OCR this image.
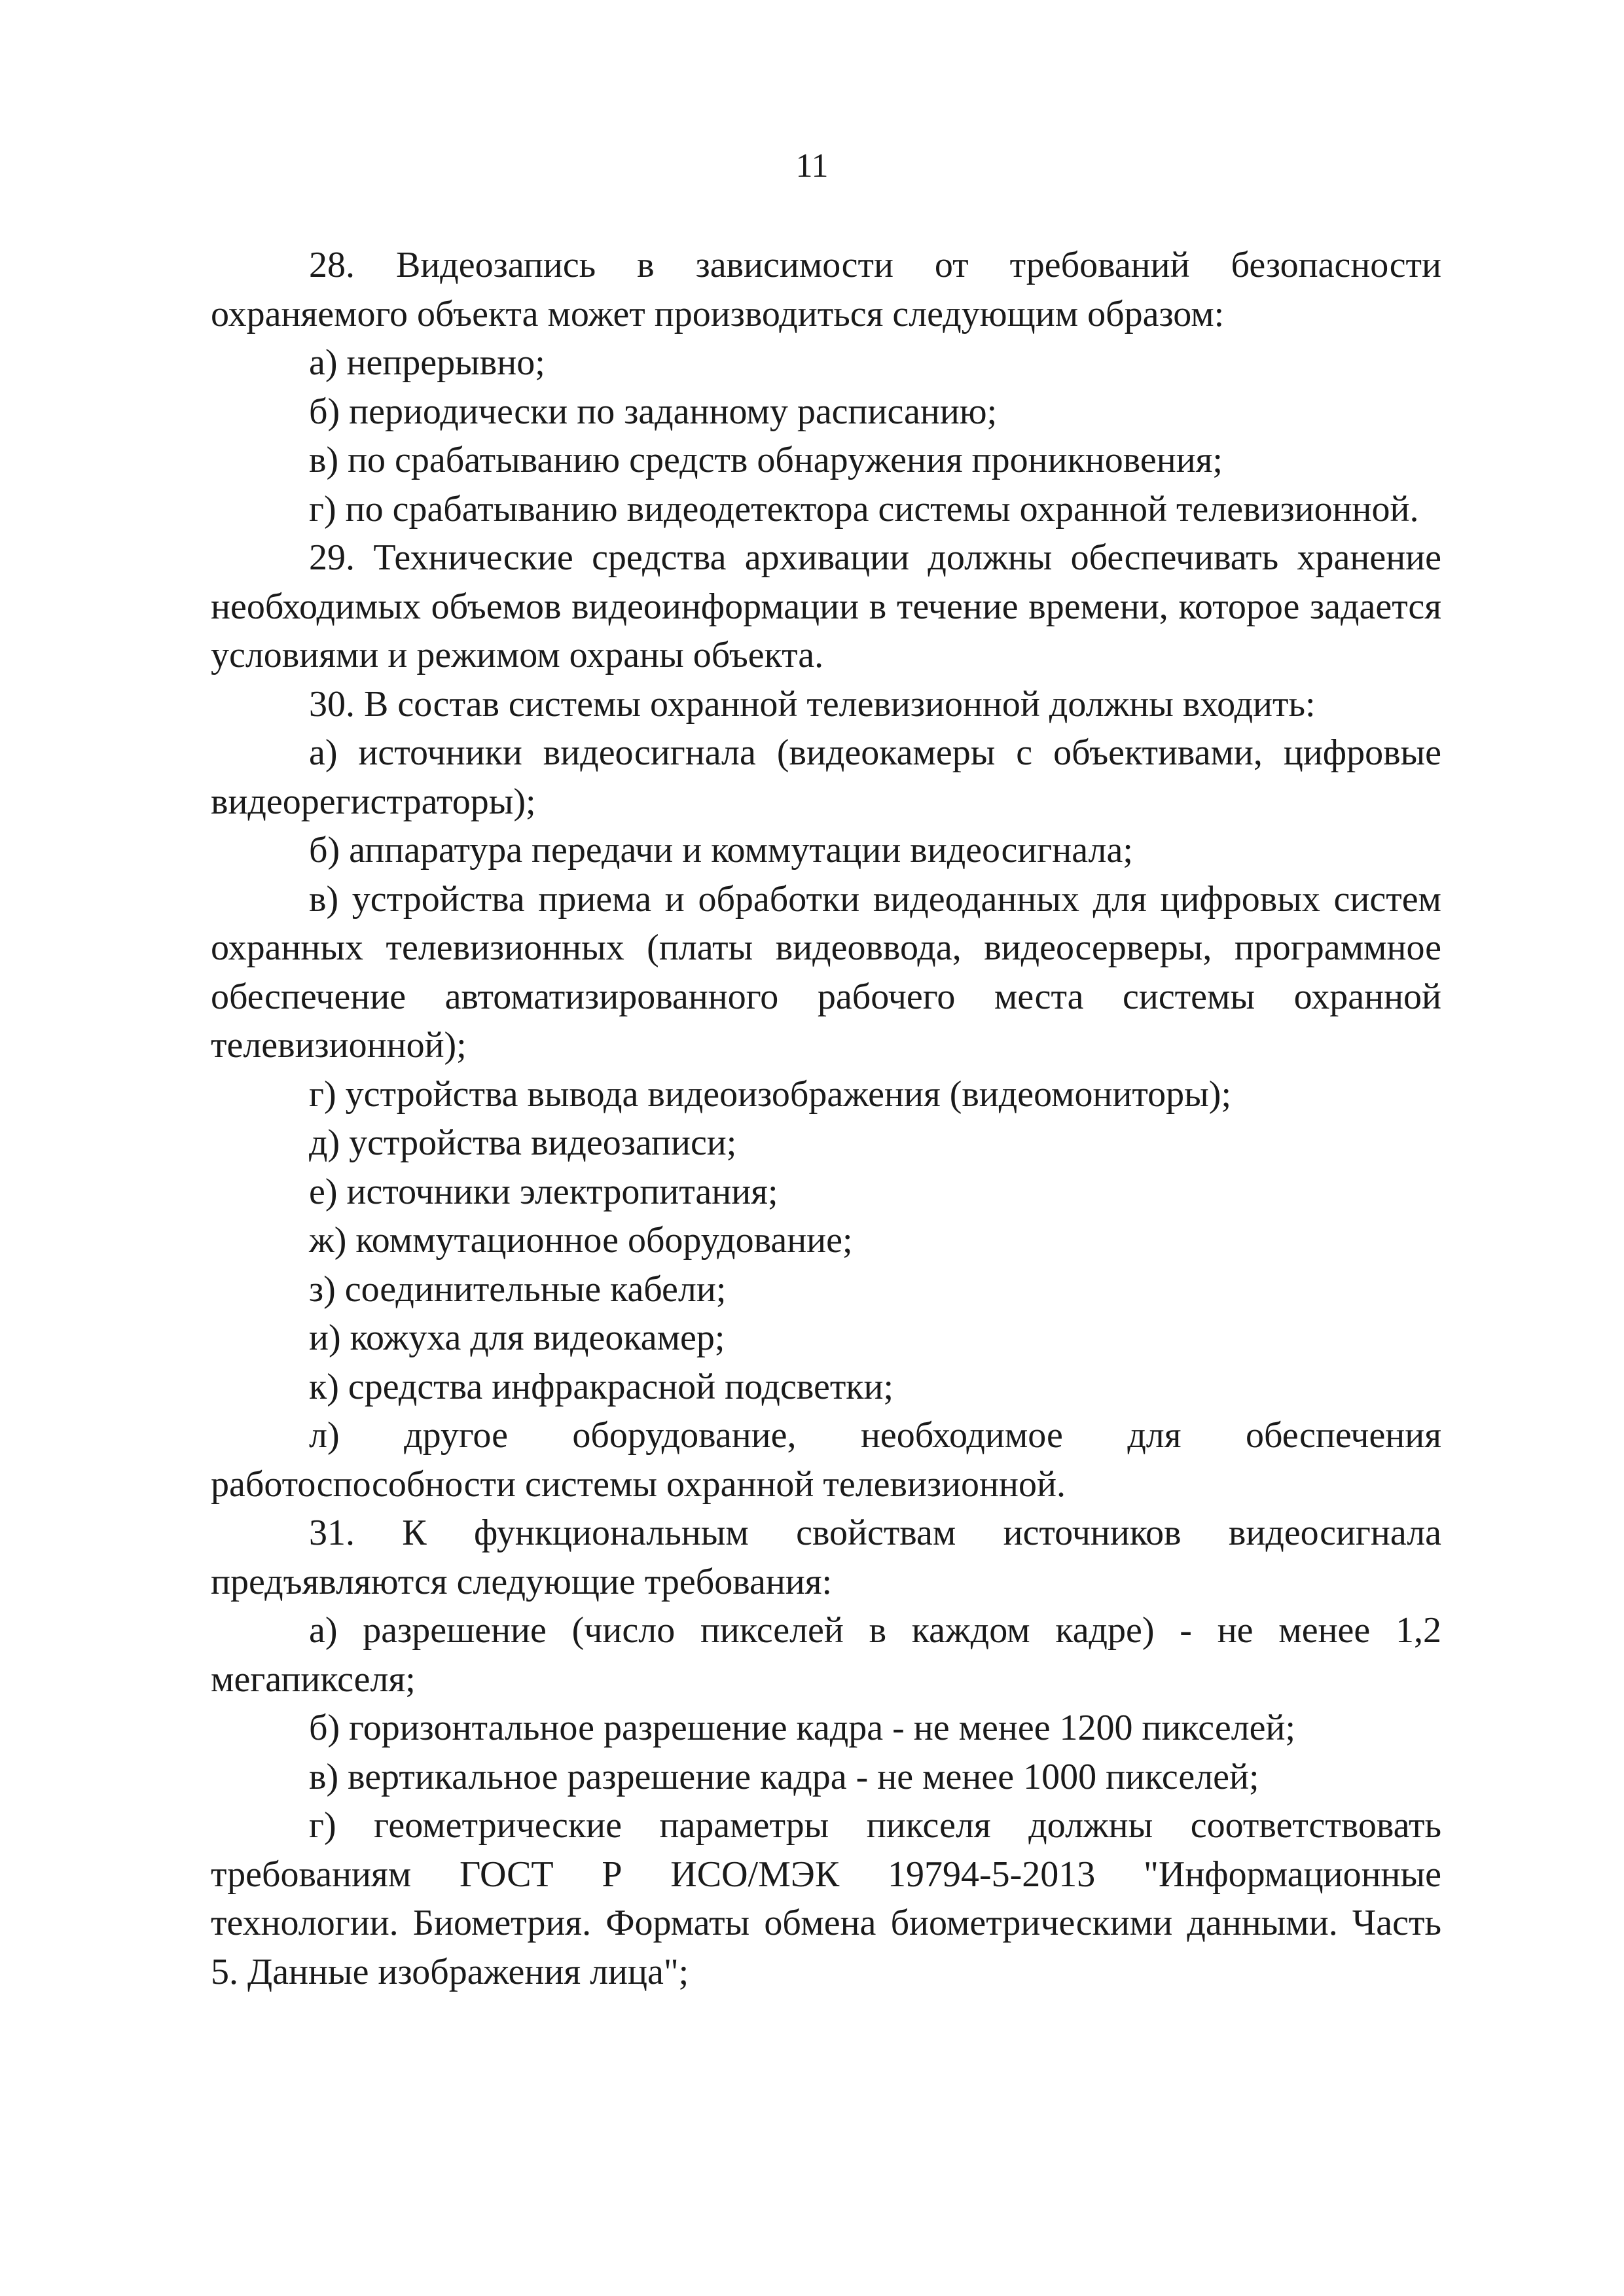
11

28. Видеозапись в зависимости от требований безопасности охраняемого объекта может производиться следующим образом:

а) непрерывно;

б) периодически по заданному расписанию;

в) по срабатыванию средств обнаружения проникновения;

г) по срабатыванию видеодетектора системы охранной телевизионной.

29. Технические средства архивации должны обеспечивать хранение необходимых объемов видеоинформации в течение времени, которое задается условиями и режимом охраны объекта.

30. В состав системы охранной телевизионной должны входить:

а) источники видеосигнала (видеокамеры с объективами, цифровые видеорегистраторы);

б) аппаратура передачи и коммутации видеосигнала;

в) устройства приема и обработки видеоданных для цифровых систем охранных телевизионных (платы видеоввода, видеосерверы, программное обеспечение автоматизированного рабочего места системы охранной телевизионной);

г) устройства вывода видеоизображения (видеомониторы);

д) устройства видеозаписи;

е) источники электропитания;

ж) коммутационное оборудование;

з) соединительные кабели;

и) кожуха для видеокамер;

к) средства инфракрасной подсветки;

л) другое оборудование, необходимое для обеспечения работоспособности системы охранной телевизионной.

31. К функциональным свойствам источников видеосигнала предъявляются следующие требования:

а) разрешение (число пикселей в каждом кадре) - не менее 1,2 мегапикселя;

б) горизонтальное разрешение кадра - не менее 1200 пикселей;

в) вертикальное разрешение кадра - не менее 1000 пикселей;

г) геометрические параметры пикселя должны соответствовать требованиям ГОСТ Р ИСО/МЭК 19794-5-2013 "Информационные технологии. Биометрия. Форматы обмена биометрическими данными. Часть 5. Данные изображения лица";
